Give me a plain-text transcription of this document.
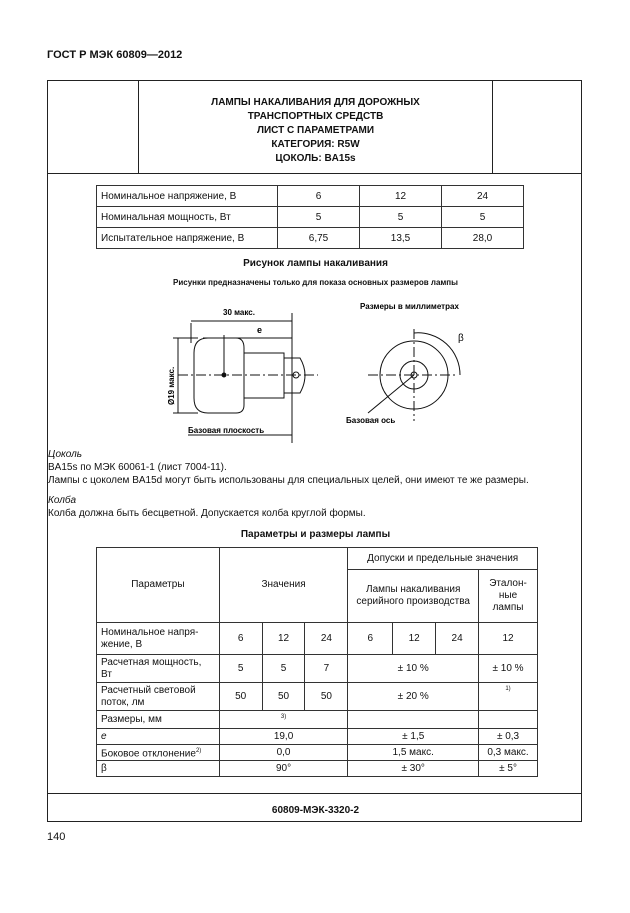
ГОСТ Р МЭК 60809—2012
ЛАМПЫ НАКАЛИВАНИЯ ДЛЯ ДОРОЖНЫХ
ТРАНСПОРТНЫХ СРЕДСТВ
ЛИСТ С ПАРАМЕТРАМИ
КАТЕГОРИЯ: R5W
ЦОКОЛЬ: BA15s
Номинальное напряжение, В	6	12	24
Номинальная мощность, Вт	5	5	5
Испытательное напряжение, В	6,75	13,5	28,0
Рисунок лампы накаливания
Рисунки предназначены только для показа основных размеров лампы
30 макс.
e
Ø19 макс.
Базовая плоскость
Базовая ось
β
Размеры в миллиметрах
Цоколь
BA15s по МЭК 60061-1 (лист 7004-11).
Лампы с цоколем BA15d могут быть использованы для специальных целей, они имеют те же размеры.
Колба
Колба должна быть бесцветной. Допускается колба круглой формы.
Параметры и размеры лампы
Параметры	Значения			Допуски и предельные значения			
				Лампы накаливания серийного производства			Эталон-ные лампы
Номинальное напря-жение, В	6	12	24	6	12	24	12
Расчетная мощность, Вт	5	5	7	± 10 %			± 10 %
Расчетный световой поток, лм	50	50	50	± 20 %			$^{1)}$
Размеры, мм	$^{3)}$		
e	19,0			± 1,5			± 0,3
Боковое отклонение$^{2)}$	0,0			1,5 макс.			0,3 макс.
β	90°			± 30°			± 5°
60809-МЭК-3320-2
140
